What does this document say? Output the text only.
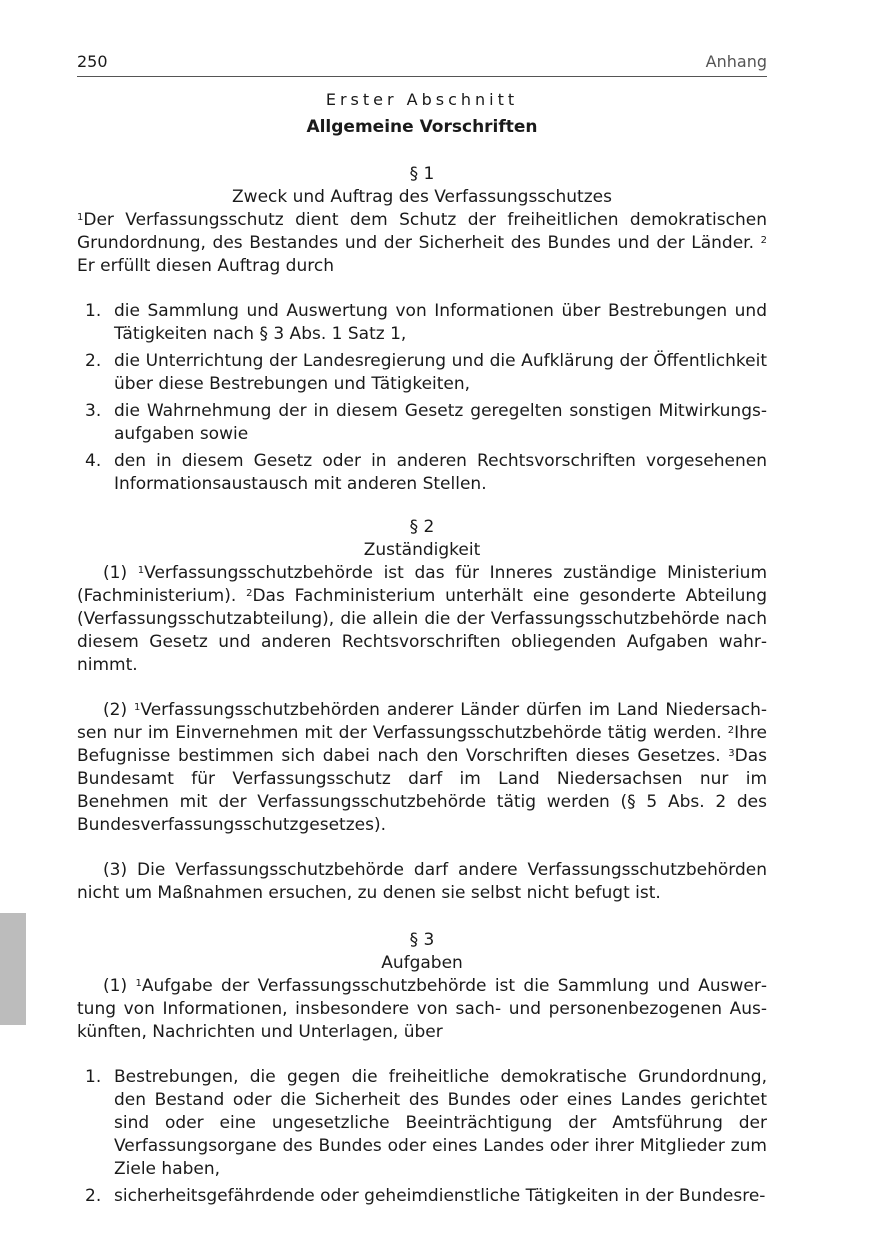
250	Anhang
Erster Abschnitt
Allgemeine Vorschriften
§ 1
Zweck und Auftrag des Verfassungsschutzes

$^1$Der Verfassungsschutz dient dem Schutz der freiheitlichen demokratischen Grundordnung, des Bestandes und der Sicherheit des Bundes und der Länder. $^2$ Er erfüllt diesen Auftrag durch

1. die Sammlung und Auswertung von Informationen über Bestrebungen und Tätigkeiten nach § 3 Abs. 1 Satz 1,
2. die Unterrichtung der Landesregierung und die Aufklärung der Öffentlichkeit über diese Bestrebungen und Tätigkeiten,
3. die Wahrnehmung der in diesem Gesetz geregelten sonstigen Mitwirkungsaufgaben sowie
4. den in diesem Gesetz oder in anderen Rechtsvorschriften vorgesehenen Informationsaustausch mit anderen Stellen.
§ 2
Zuständigkeit

(1) $^1$Verfassungsschutzbehörde ist das für Inneres zuständige Ministerium (Fachministerium). $^2$Das Fachministerium unterhält eine gesonderte Abteilung (Verfassungsschutzabteilung), die allein die der Verfassungsschutzbehörde nach diesem Gesetz und anderen Rechtsvorschriften obliegenden Aufgaben wahrnimmt.

(2) $^1$Verfassungsschutzbehörden anderer Länder dürfen im Land Niedersachsen nur im Einvernehmen mit der Verfassungsschutzbehörde tätig werden. $^2$Ihre Befugnisse bestimmen sich dabei nach den Vorschriften dieses Gesetzes. $^3$Das Bundesamt für Verfassungsschutz darf im Land Niedersachsen nur im Benehmen mit der Verfassungsschutzbehörde tätig werden (§ 5 Abs. 2 des Bundesverfassungsschutzgesetzes).

(3) Die Verfassungsschutzbehörde darf andere Verfassungsschutzbehörden nicht um Maßnahmen ersuchen, zu denen sie selbst nicht befugt ist.

§ 3
Aufgaben

(1) $^1$Aufgabe der Verfassungsschutzbehörde ist die Sammlung und Auswertung von Informationen, insbesondere von sach- und personenbezogenen Auskünften, Nachrichten und Unterlagen, über

1. Bestrebungen, die gegen die freiheitliche demokratische Grundordnung, den Bestand oder die Sicherheit des Bundes oder eines Landes gerichtet sind oder eine ungesetzliche Beeinträchtigung der Amtsführung der Verfassungsorgane des Bundes oder eines Landes oder ihrer Mitglieder zum Ziele haben,
2. sicherheitsgefährdende oder geheimdienstliche Tätigkeiten in der Bundesre-
